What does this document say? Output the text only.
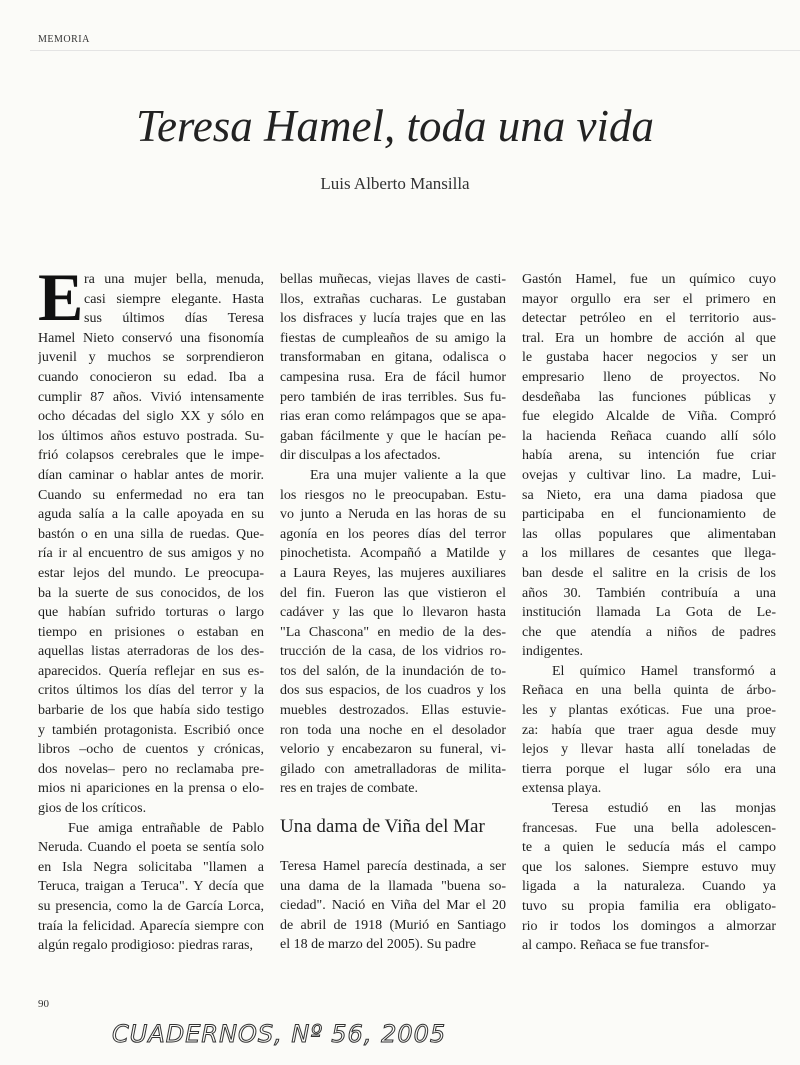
MEMORIA
Teresa Hamel, toda una vida
Luis Alberto Mansilla
E ra una mujer bella, menuda,
casi siempre elegante. Hasta
sus últimos días Teresa
Hamel Nieto conservó una fisonomía
juvenil y muchos se sorprendieron
cuando conocieron su edad. Iba a
cumplir 87 años. Vivió intensamente
ocho décadas del siglo XX y sólo en
los últimos años estuvo postrada. Su-
frió colapsos cerebrales que le impe-
dían caminar o hablar antes de morir.
Cuando su enfermedad no era tan
aguda salía a la calle apoyada en su
bastón o en una silla de ruedas. Que-
ría ir al encuentro de sus amigos y no
estar lejos del mundo. Le preocupa-
ba la suerte de sus conocidos, de los
que habían sufrido torturas o largo
tiempo en prisiones o estaban en
aquellas listas aterradoras de los des-
aparecidos. Quería reflejar en sus es-
critos últimos los días del terror y la
barbarie de los que había sido testigo
y también protagonista. Escribió once
libros –ocho de cuentos y crónicas,
dos novelas– pero no reclamaba pre-
mios ni apariciones en la prensa o elo-
gios de los críticos.
Fue amiga entrañable de Pablo
Neruda. Cuando el poeta se sentía solo
en Isla Negra solicitaba "llamen a
Teruca, traigan a Teruca". Y decía que
su presencia, como la de García Lorca,
traía la felicidad. Aparecía siempre con
algún regalo prodigioso: piedras raras,
bellas muñecas, viejas llaves de casti-
llos, extrañas cucharas. Le gustaban
los disfraces y lucía trajes que en las
fiestas de cumpleaños de su amigo la
transformaban en gitana, odalisca o
campesina rusa. Era de fácil humor
pero también de iras terribles. Sus fu-
rias eran como relámpagos que se apa-
gaban fácilmente y que le hacían pe-
dir disculpas a los afectados.
Era una mujer valiente a la que
los riesgos no le preocupaban. Estu-
vo junto a Neruda en las horas de su
agonía en los peores días del terror
pinochetista. Acompañó a Matilde y
a Laura Reyes, las mujeres auxiliares
del fin. Fueron las que vistieron el
cadáver y las que lo llevaron hasta
"La Chascona" en medio de la des-
trucción de la casa, de los vidrios ro-
tos del salón, de la inundación de to-
dos sus espacios, de los cuadros y los
muebles destrozados. Ellas estuvie-
ron toda una noche en el desolador
velorio y encabezaron su funeral, vi-
gilado con ametralladoras de milita-
res en trajes de combate.
Una dama de Viña del Mar
Teresa Hamel parecía destinada, a ser
una dama de la llamada "buena so-
ciedad". Nació en Viña del Mar el 20
de abril de 1918 (Murió en Santiago
el 18 de marzo del 2005). Su padre
Gastón Hamel, fue un químico cuyo
mayor orgullo era ser el primero en
detectar petróleo en el territorio aus-
tral. Era un hombre de acción al que
le gustaba hacer negocios y ser un
empresario lleno de proyectos. No
desdeñaba las funciones públicas y
fue elegido Alcalde de Viña. Compró
la hacienda Reñaca cuando allí sólo
había arena, su intención fue criar
ovejas y cultivar lino. La madre, Lui-
sa Nieto, era una dama piadosa que
participaba en el funcionamiento de
las ollas populares que alimentaban
a los millares de cesantes que llega-
ban desde el salitre en la crisis de los
años 30. También contribuía a una
institución llamada La Gota de Le-
che que atendía a niños de padres
indigentes.
El químico Hamel transformó a
Reñaca en una bella quinta de árbo-
les y plantas exóticas. Fue una proe-
za: había que traer agua desde muy
lejos y llevar hasta allí toneladas de
tierra porque el lugar sólo era una
extensa playa.
Teresa estudió en las monjas
francesas. Fue una bella adolescen-
te a quien le seducía más el campo
que los salones. Siempre estuvo muy
ligada a la naturaleza. Cuando ya
tuvo su propia familia era obligato-
rio ir todos los domingos a almorzar
al campo. Reñaca se fue transfor-
90
CUADERNOS, Nº 56, 2005
